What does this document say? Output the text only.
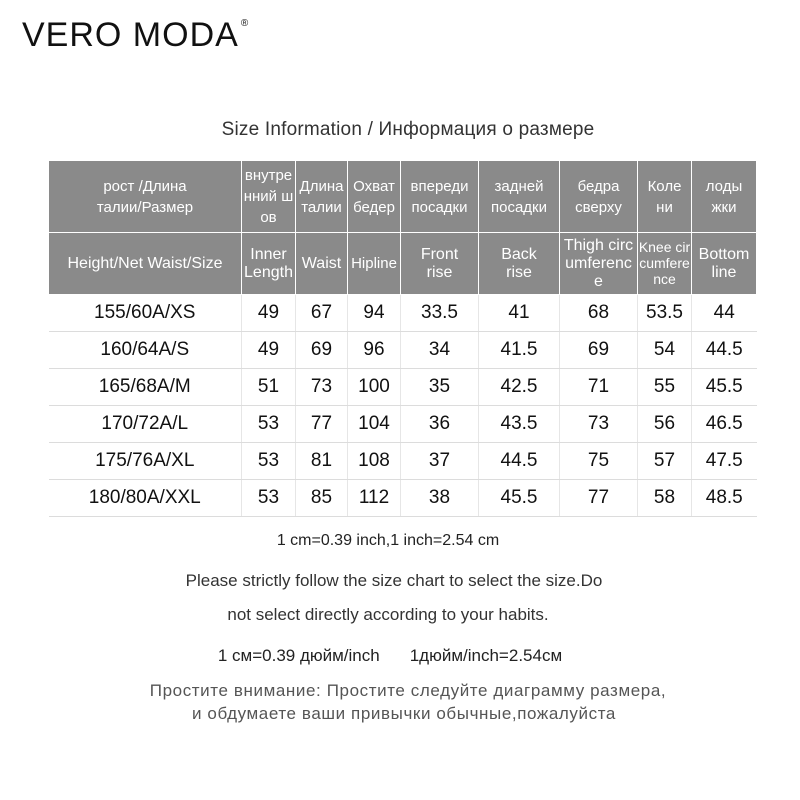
VERO MODA ®
Size Information / Информация о размере
рост /Длина талии/Размер	внутренний шов	Длина талии	Охват бедер	впереди посадки	задней посадки	бедра сверху	Колени	лодыжки
Height/Net Waist/Size	Inner Length	Waist	Hipline	Front rise	Back rise	Thigh circumference	Knee circumference	Bottom line
155/60A/XS	49	67	94	33.5	41	68	53.5	44
160/64A/S	49	69	96	34	41.5	69	54	44.5
165/68A/M	51	73	100	35	42.5	71	55	45.5
170/72A/L	53	77	104	36	43.5	73	56	46.5
175/76A/XL	53	81	108	37	44.5	75	57	47.5
180/80A/XXL	53	85	112	38	45.5	77	58	48.5
1 cm=0.39 inch,1 inch=2.54 cm
Please strictly follow the size chart to select the size.Do
not select directly according to your habits.
1 см=0.39 дюйм/inch 1дюйм/inch=2.54см
Простите внимание: Простите следуйте диаграмму размера,
и обдумаете ваши привычки обычные,пожалуйста
